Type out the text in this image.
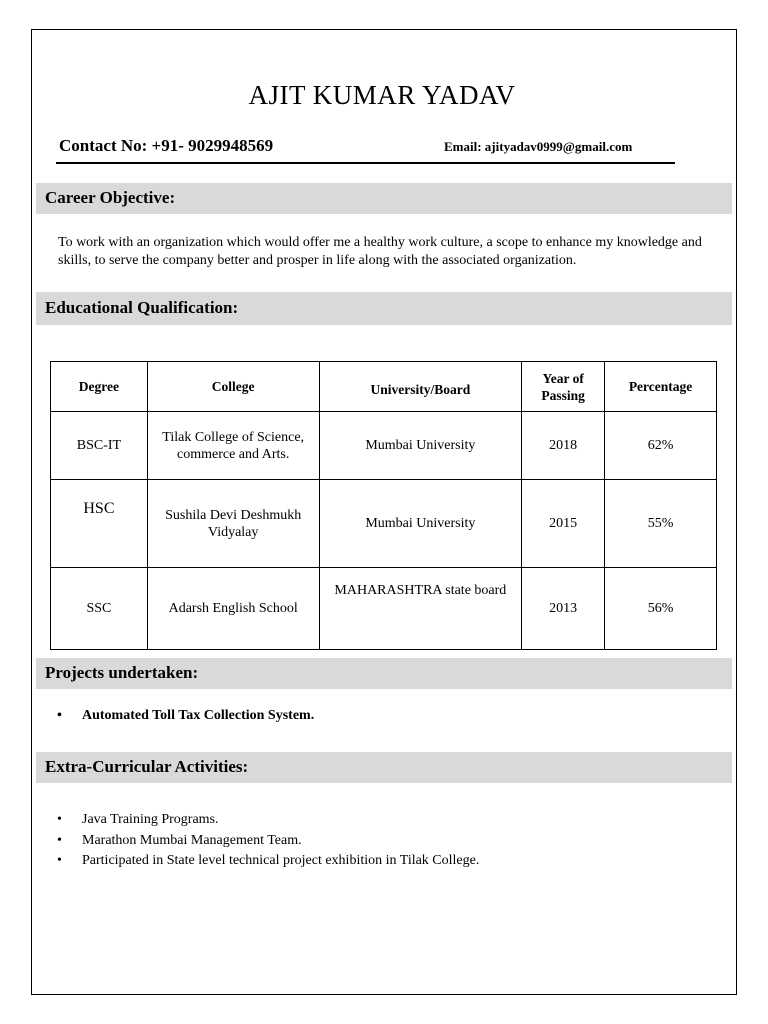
AJIT KUMAR YADAV
Contact No: +91- 9029948569	Email: ajityadav0999@gmail.com
Career Objective:
To work with an organization which would offer me a healthy work culture, a scope to enhance my knowledge and skills, to serve the company better and prosper in life along with the associated organization.
Educational Qualification:
Degree	College	University/Board	Year of Passing	Percentage
BSC-IT	Tilak College of Science, commerce and Arts.	Mumbai University	2018	62%
HSC	Sushila Devi Deshmukh Vidyalay	Mumbai University	2015	55%
SSC	Adarsh English School	MAHARASHTRA state board	2013	56%
Projects undertaken:
• Automated Toll Tax Collection System.
Extra-Curricular Activities:
• Java Training Programs.
• Marathon Mumbai Management Team.
• Participated in State level technical project exhibition in Tilak College.
